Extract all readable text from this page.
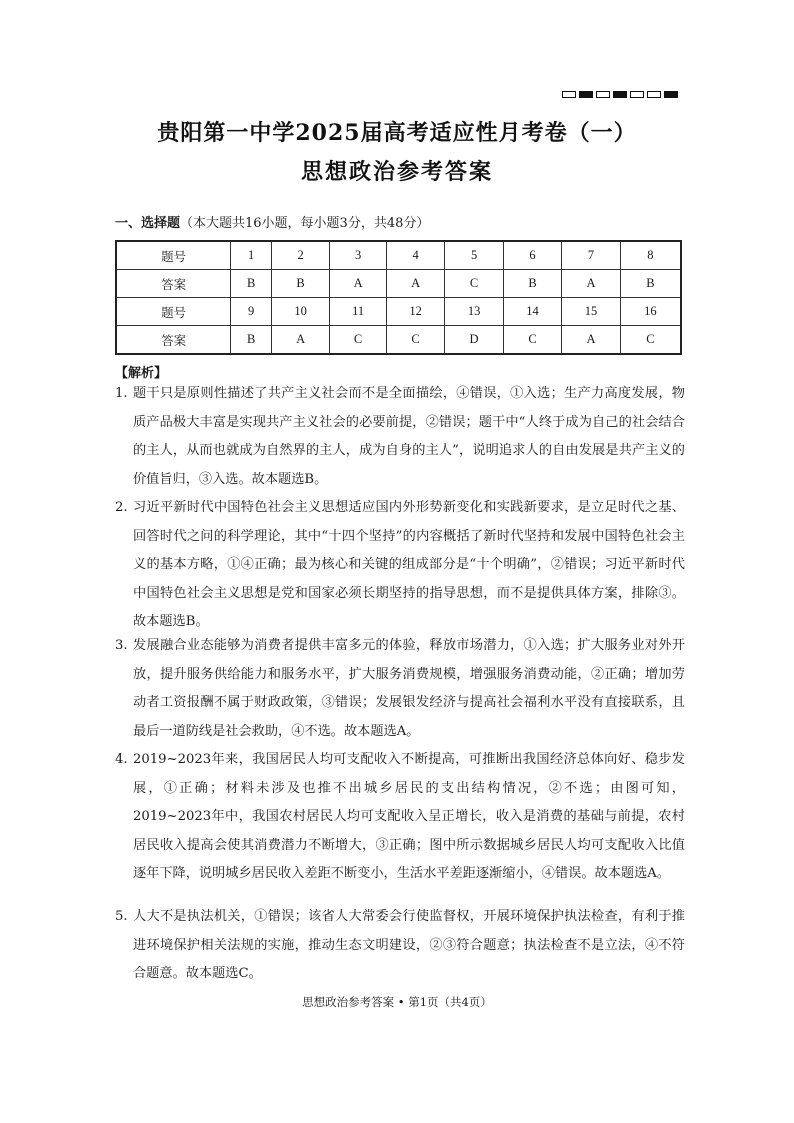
贵阳第一中学2025届高考适应性月考卷（一）
思想政治参考答案
一、选择题（本大题共16小题，每小题3分，共48分）
题号	1	2	3	4	5	6	7	8
答案	B	B	A	A	C	B	A	B
题号	9	10	11	12	13	14	15	16
答案	B	A	C	C	D	C	A	C
【解析】
1. 题干只是原则性描述了共产主义社会而不是全面描绘，④错误，①入选；生产力高度发展，物质产品极大丰富是实现共产主义社会的必要前提，②错误；题干中“人终于成为自己的社会结合的主人，从而也就成为自然界的主人，成为自身的主人”，说明追求人的自由发展是共产主义的价值旨归，③入选。故本题选B。
2. 习近平新时代中国特色社会主义思想适应国内外形势新变化和实践新要求，是立足时代之基、回答时代之问的科学理论，其中“十四个坚持”的内容概括了新时代坚持和发展中国特色社会主义的基本方略，①④正确；最为核心和关键的组成部分是“十个明确”，②错误；习近平新时代中国特色社会主义思想是党和国家必须长期坚持的指导思想，而不是提供具体方案，排除③。故本题选B。
3. 发展融合业态能够为消费者提供丰富多元的体验，释放市场潜力，①入选；扩大服务业对外开放，提升服务供给能力和服务水平，扩大服务消费规模，增强服务消费动能，②正确；增加劳动者工资报酬不属于财政政策，③错误；发展银发经济与提高社会福利水平没有直接联系，且最后一道防线是社会救助，④不选。故本题选A。
4. 2019~2023年来，我国居民人均可支配收入不断提高，可推断出我国经济总体向好、稳步发展，①正确；材料未涉及也推不出城乡居民的支出结构情况，②不选；由图可知，2019~2023年中，我国农村居民人均可支配收入呈正增长，收入是消费的基础与前提，农村居民收入提高会使其消费潜力不断增大，③正确；图中所示数据城乡居民人均可支配收入比值逐年下降，说明城乡居民收入差距不断变小，生活水平差距逐渐缩小，④错误。故本题选A。
5. 人大不是执法机关，①错误；该省人大常委会行使监督权，开展环境保护执法检查，有利于推进环境保护相关法规的实施，推动生态文明建设，②③符合题意；执法检查不是立法，④不符合题意。故本题选C。
思想政治参考答案 • 第1页（共4页）
